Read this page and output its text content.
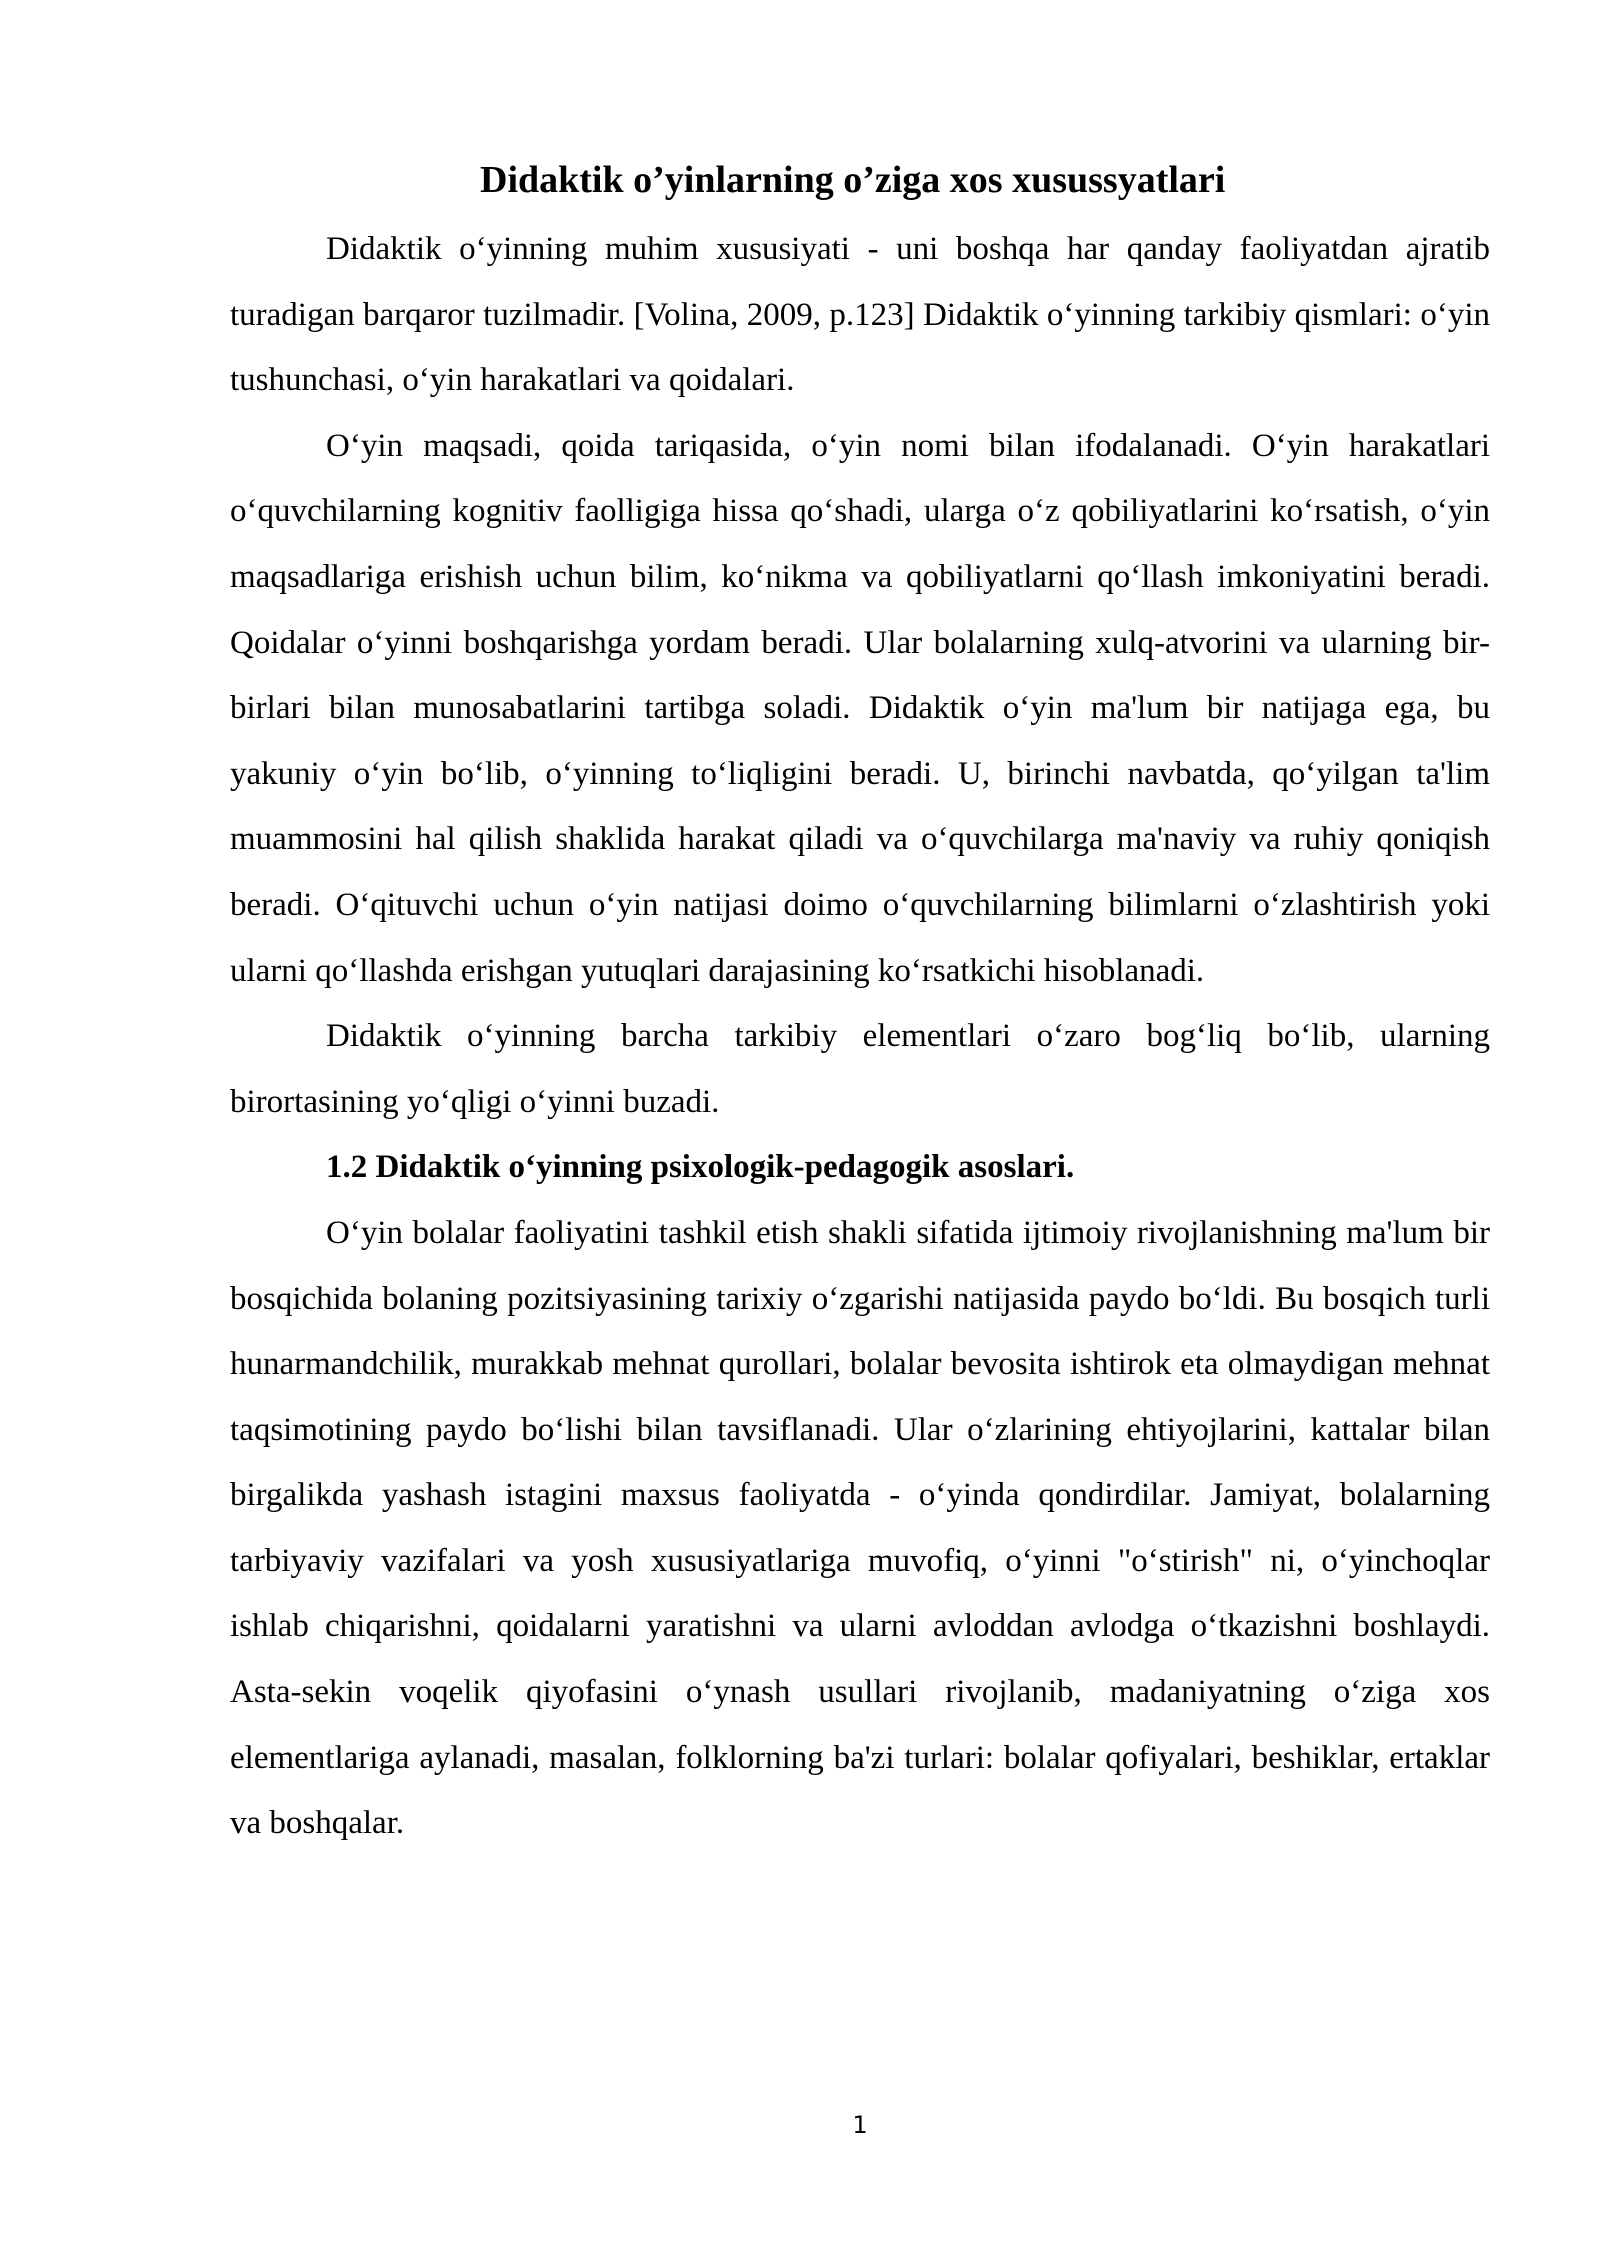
Didaktik o’yinlarning o’ziga xos xusussyatlari

Didaktik o‘yinning muhim xususiyati - uni boshqa har qanday faoliyatdan ajratib turadigan barqaror tuzilmadir. [Volina, 2009, p.123] Didaktik o‘yinning tarkibiy qismlari: o‘yin tushunchasi, o‘yin harakatlari va qoidalari.

O‘yin maqsadi, qoida tariqasida, o‘yin nomi bilan ifodalanadi. O‘yin harakatlari o‘quvchilarning kognitiv faolligiga hissa qo‘shadi, ularga o‘z qobiliyatlarini ko‘rsatish, o‘yin maqsadlariga erishish uchun bilim, ko‘nikma va qobiliyatlarni qo‘llash imkoniyatini beradi. Qoidalar o‘yinni boshqarishga yordam beradi. Ular bolalarning xulq-atvorini va ularning bir-birlari bilan munosabatlarini tartibga soladi. Didaktik o‘yin ma'lum bir natijaga ega, bu yakuniy o‘yin bo‘lib, o‘yinning to‘liqligini beradi. U, birinchi navbatda, qo‘yilgan ta'lim muammosini hal qilish shaklida harakat qiladi va o‘quvchilarga ma'naviy va ruhiy qoniqish beradi. O‘qituvchi uchun o‘yin natijasi doimo o‘quvchilarning bilimlarni o‘zlashtirish yoki ularni qo‘llashda erishgan yutuqlari darajasining ko‘rsatkichi hisoblanadi.

Didaktik o‘yinning barcha tarkibiy elementlari o‘zaro bog‘liq bo‘lib, ularning birortasining yo‘qligi o‘yinni buzadi.

1.2 Didaktik o‘yinning psixologik-pedagogik asoslari.

O‘yin bolalar faoliyatini tashkil etish shakli sifatida ijtimoiy rivojlanishning ma'lum bir bosqichida bolaning pozitsiyasining tarixiy o‘zgarishi natijasida paydo bo‘ldi. Bu bosqich turli hunarmandchilik, murakkab mehnat qurollari, bolalar bevosita ishtirok eta olmaydigan mehnat taqsimotining paydo bo‘lishi bilan tavsiflanadi. Ular o‘zlarining ehtiyojlarini, kattalar bilan birgalikda yashash istagini maxsus faoliyatda - o‘yinda qondirdilar. Jamiyat, bolalarning tarbiyaviy vazifalari va yosh xususiyatlariga muvofiq, o‘yinni "o‘stirish" ni, o‘yinchoqlar ishlab chiqarishni, qoidalarni yaratishni va ularni avloddan avlodga o‘tkazishni boshlaydi. Asta-sekin voqelik qiyofasini o‘ynash usullari rivojlanib, madaniyatning o‘ziga xos elementlariga aylanadi, masalan, folklorning ba'zi turlari: bolalar qofiyalari, beshiklar, ertaklar va boshqalar.

1
